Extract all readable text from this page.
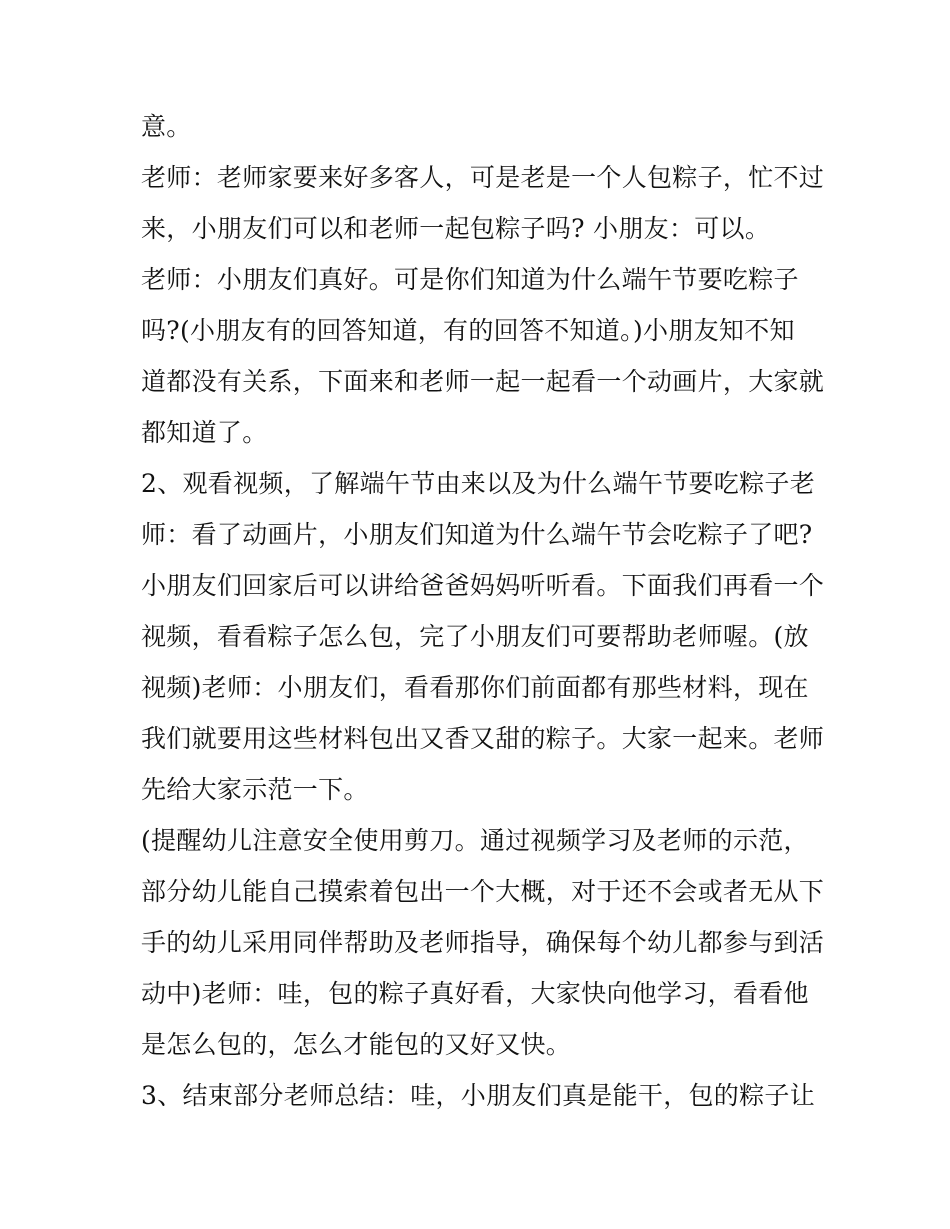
意。
老师：老师家要来好多客人，可是老是一个人包粽子，忙不过
来，小朋友们可以和老师一起包粽子吗? 小朋友：可以。
老师：小朋友们真好。可是你们知道为什么端午节要吃粽子
吗?(小朋友有的回答知道，有的回答不知道。)小朋友知不知
道都没有关系，下面来和老师一起一起看一个动画片，大家就
都知道了。
2、观看视频，了解端午节由来以及为什么端午节要吃粽子老
师：看了动画片，小朋友们知道为什么端午节会吃粽子了吧?
小朋友们回家后可以讲给爸爸妈妈听听看。下面我们再看一个
视频，看看粽子怎么包，完了小朋友们可要帮助老师喔。(放
视频)老师：小朋友们，看看那你们前面都有那些材料，现在
我们就要用这些材料包出又香又甜的粽子。大家一起来。老师
先给大家示范一下。
(提醒幼儿注意安全使用剪刀。通过视频学习及老师的示范，
部分幼儿能自己摸索着包出一个大概，对于还不会或者无从下
手的幼儿采用同伴帮助及老师指导，确保每个幼儿都参与到活
动中)老师：哇，包的粽子真好看，大家快向他学习，看看他
是怎么包的，怎么才能包的又好又快。
3、结束部分老师总结：哇，小朋友们真是能干，包的粽子让
